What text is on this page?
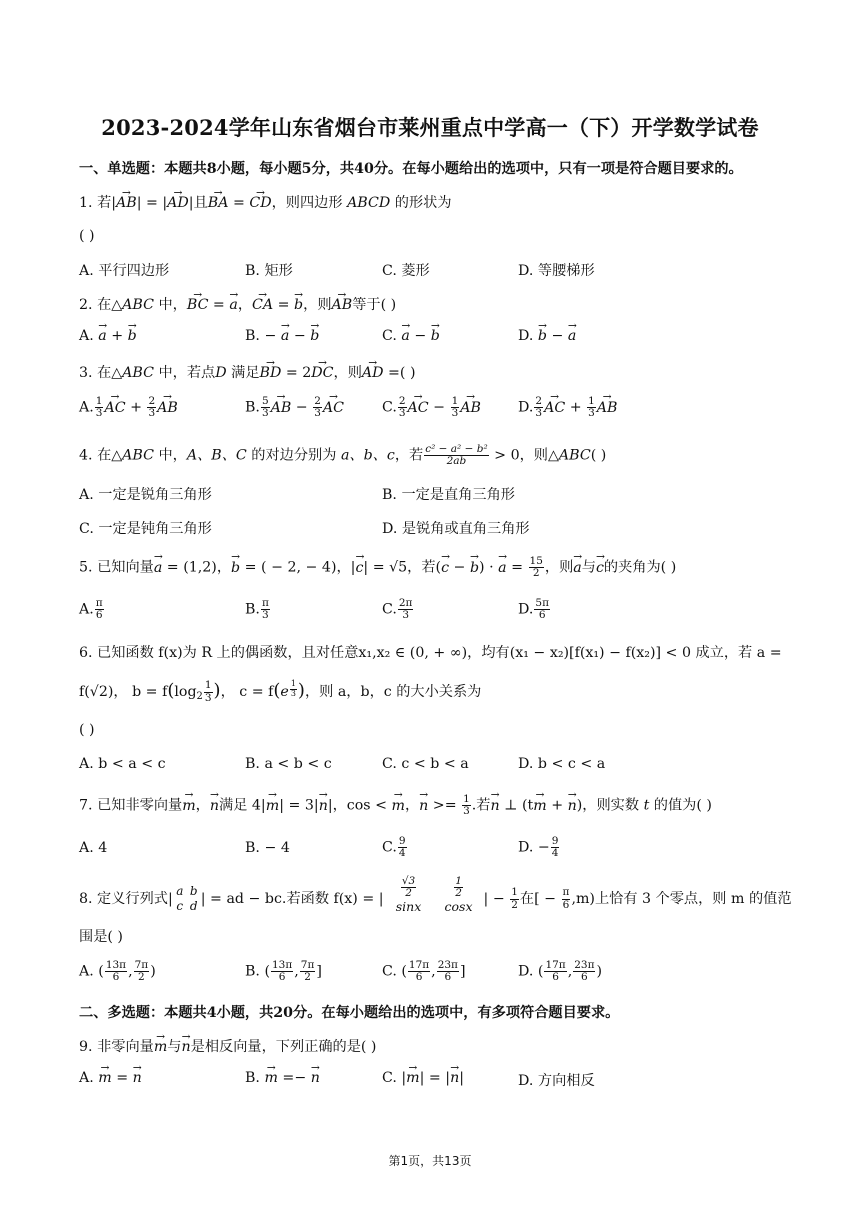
2023-2024学年山东省烟台市莱州重点中学高一（下）开学数学试卷
一、单选题：本题共8小题，每小题5分，共40分。在每小题给出的选项中，只有一项是符合题目要求的。
1. 若|→ AB| = |→ AD|且→ BA = → CD，则四边形 ABCD 的形状为
( )
A. 平行四边形	B. 矩形	C. 菱形	D. 等腰梯形
2. 在△ABC 中，→ BC = → a，→ CA = → b，则→ AB等于( )
A. → a + → b	B. − → a − → b	C. → a − → b	D. → b − → a
3. 在△ABC 中，若点D 满足→ BD = 2→ DC，则→ AD =( )
A. $\frac{1}{3}$ → AC + $\frac{2}{3}$ → AB	B. $\frac{5}{3}$ → AB − $\frac{2}{3}$ → AC	C. $\frac{2}{3}$ → AC − $\frac{1}{3}$ → AB	D. $\frac{2}{3}$ → AC + $\frac{1}{3}$ → AB
4. 在△ABC 中，A、B、C 的对边分别为 a、b、c，若 $\frac{\text{c² − a² − b²}}{2ab} > 0$，则△ABC( )
A. 一定是锐角三角形	B. 一定是直角三角形
C. 一定是钝角三角形	D. 是锐角或直角三角形
5. 已知向量→ a = (1,2)，→ b = ( − 2, − 4)，|→ c| = √5，若(→ c − → b) · → $a = \frac{15}{2}$ ，则→ a与→ c的夹角为( )
A. $\frac{\pi}{6}$	B. $\frac{\pi}{3}$	C. $\frac{2\pi}{3}$	D. $\frac{5\pi}{6}$
6. 已知函数 f(x)为 R 上的偶函数，且对任意x₁,x₂ ∈ (0, + ∞)，均有(x₁ − x₂)[f(x₁) − f(x₂)] < 0 成立，若 a =
f(√2)， $b = f(\log_2 \frac{1}{3}$ )， c = f(e $^{\frac{1}{3}}$ )，则 a，b，c 的大小关系为
( )
A. b < a < c	B. a < b < c	C. c < b < a	D. b < c < a
7. 已知非零向量→ m，→ n满足 4|→ m| = 3|→ n|，cos < → m，→ $n >= \frac{1}{3}$ .若→ n ⊥ (t→ m + → n)，则实数 t 的值为( )
A. 4	B. − 4	C. $\frac{9}{4}$	D. − $\frac{9}{4}$
8. 定义行列式| a b
c d | = ad − bc.若函数 f(x) = | $\frac{√3}{2}$
sinx
$\frac{1}{2}$
cosx | − $\frac{1}{2}$ 在[ − $\frac{\pi}{6} ,m$)上恰有 3 个零点，则 m 的值范
围是( )
A. ( $\frac{13\pi}{6}$ , $\frac{7\pi}{2}$ )	B. ( $\frac{13\pi}{6}$ , $\frac{7\pi}{2}$ ]	C. ( $\frac{17\pi}{6}$ , $\frac{23\pi}{6}$ ]	D. ( $\frac{17\pi}{6}$ , $\frac{23\pi}{6}$ )
二、多选题：本题共4小题，共20分。在每小题给出的选项中，有多项符合题目要求。
9. 非零向量→ m与→ n是相反向量，下列正确的是( )
A. → m = → n	B. → m =− → n	C. |→ m| = |→ n|	D. 方向相反
第1页，共13页
